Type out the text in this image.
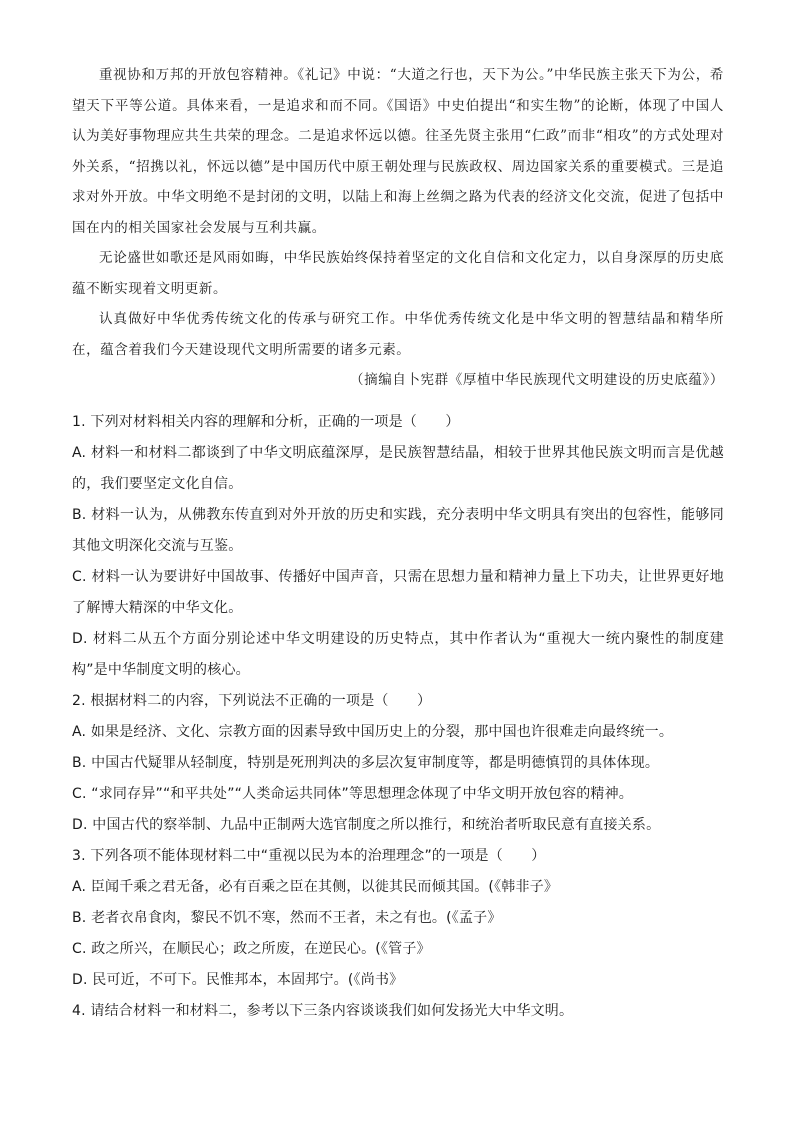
重视协和万邦的开放包容精神。《礼记》中说：“大道之行也，天下为公。”中华民族主张天下为公，希望天下平等公道。具体来看，一是追求和而不同。《国语》中史伯提出“和实生物”的论断，体现了中国人认为美好事物理应共生共荣的理念。二是追求怀远以德。往圣先贤主张用“仁政”而非“相攻”的方式处理对外关系，“招携以礼，怀远以德”是中国历代中原王朝处理与民族政权、周边国家关系的重要模式。三是追求对外开放。中华文明绝不是封闭的文明，以陆上和海上丝绸之路为代表的经济文化交流，促进了包括中国在内的相关国家社会发展与互利共赢。

无论盛世如歌还是风雨如晦，中华民族始终保持着坚定的文化自信和文化定力，以自身深厚的历史底蕴不断实现着文明更新。

认真做好中华优秀传统文化的传承与研究工作。中华优秀传统文化是中华文明的智慧结晶和精华所在，蕴含着我们今天建设现代文明所需要的诸多元素。

（摘编自卜宪群《厚植中华民族现代文明建设的历史底蕴》）

1. 下列对材料相关内容的理解和分析，正确的一项是（　　）

A. 材料一和材料二都谈到了中华文明底蕴深厚，是民族智慧结晶，相较于世界其他民族文明而言是优越的，我们要坚定文化自信。

B. 材料一认为，从佛教东传直到对外开放的历史和实践，充分表明中华文明具有突出的包容性，能够同其他文明深化交流与互鉴。

C. 材料一认为要讲好中国故事、传播好中国声音，只需在思想力量和精神力量上下功夫，让世界更好地了解博大精深的中华文化。

D. 材料二从五个方面分别论述中华文明建设的历史特点，其中作者认为“重视大一统内聚性的制度建构”是中华制度文明的核心。

2. 根据材料二的内容，下列说法不正确的一项是（　　）

A. 如果是经济、文化、宗教方面的因素导致中国历史上的分裂，那中国也许很难走向最终统一。

B. 中国古代疑罪从轻制度，特别是死刑判决的多层次复审制度等，都是明德慎罚的具体体现。

C. “求同存异”“和平共处”“人类命运共同体”等思想理念体现了中华文明开放包容的精神。

D. 中国古代的察举制、九品中正制两大选官制度之所以推行，和统治者听取民意有直接关系。

3. 下列各项不能体现材料二中“重视以民为本的治理理念”的一项是（　　）

A. 臣闻千乘之君无备，必有百乘之臣在其侧，以徙其民而倾其国。(《韩非子》

B. 老者衣帛食肉，黎民不饥不寒，然而不王者，未之有也。(《孟子》

C. 政之所兴，在顺民心；政之所废，在逆民心。(《管子》

D. 民可近，不可下。民惟邦本，本固邦宁。(《尚书》

4. 请结合材料一和材料二，参考以下三条内容谈谈我们如何发扬光大中华文明。
